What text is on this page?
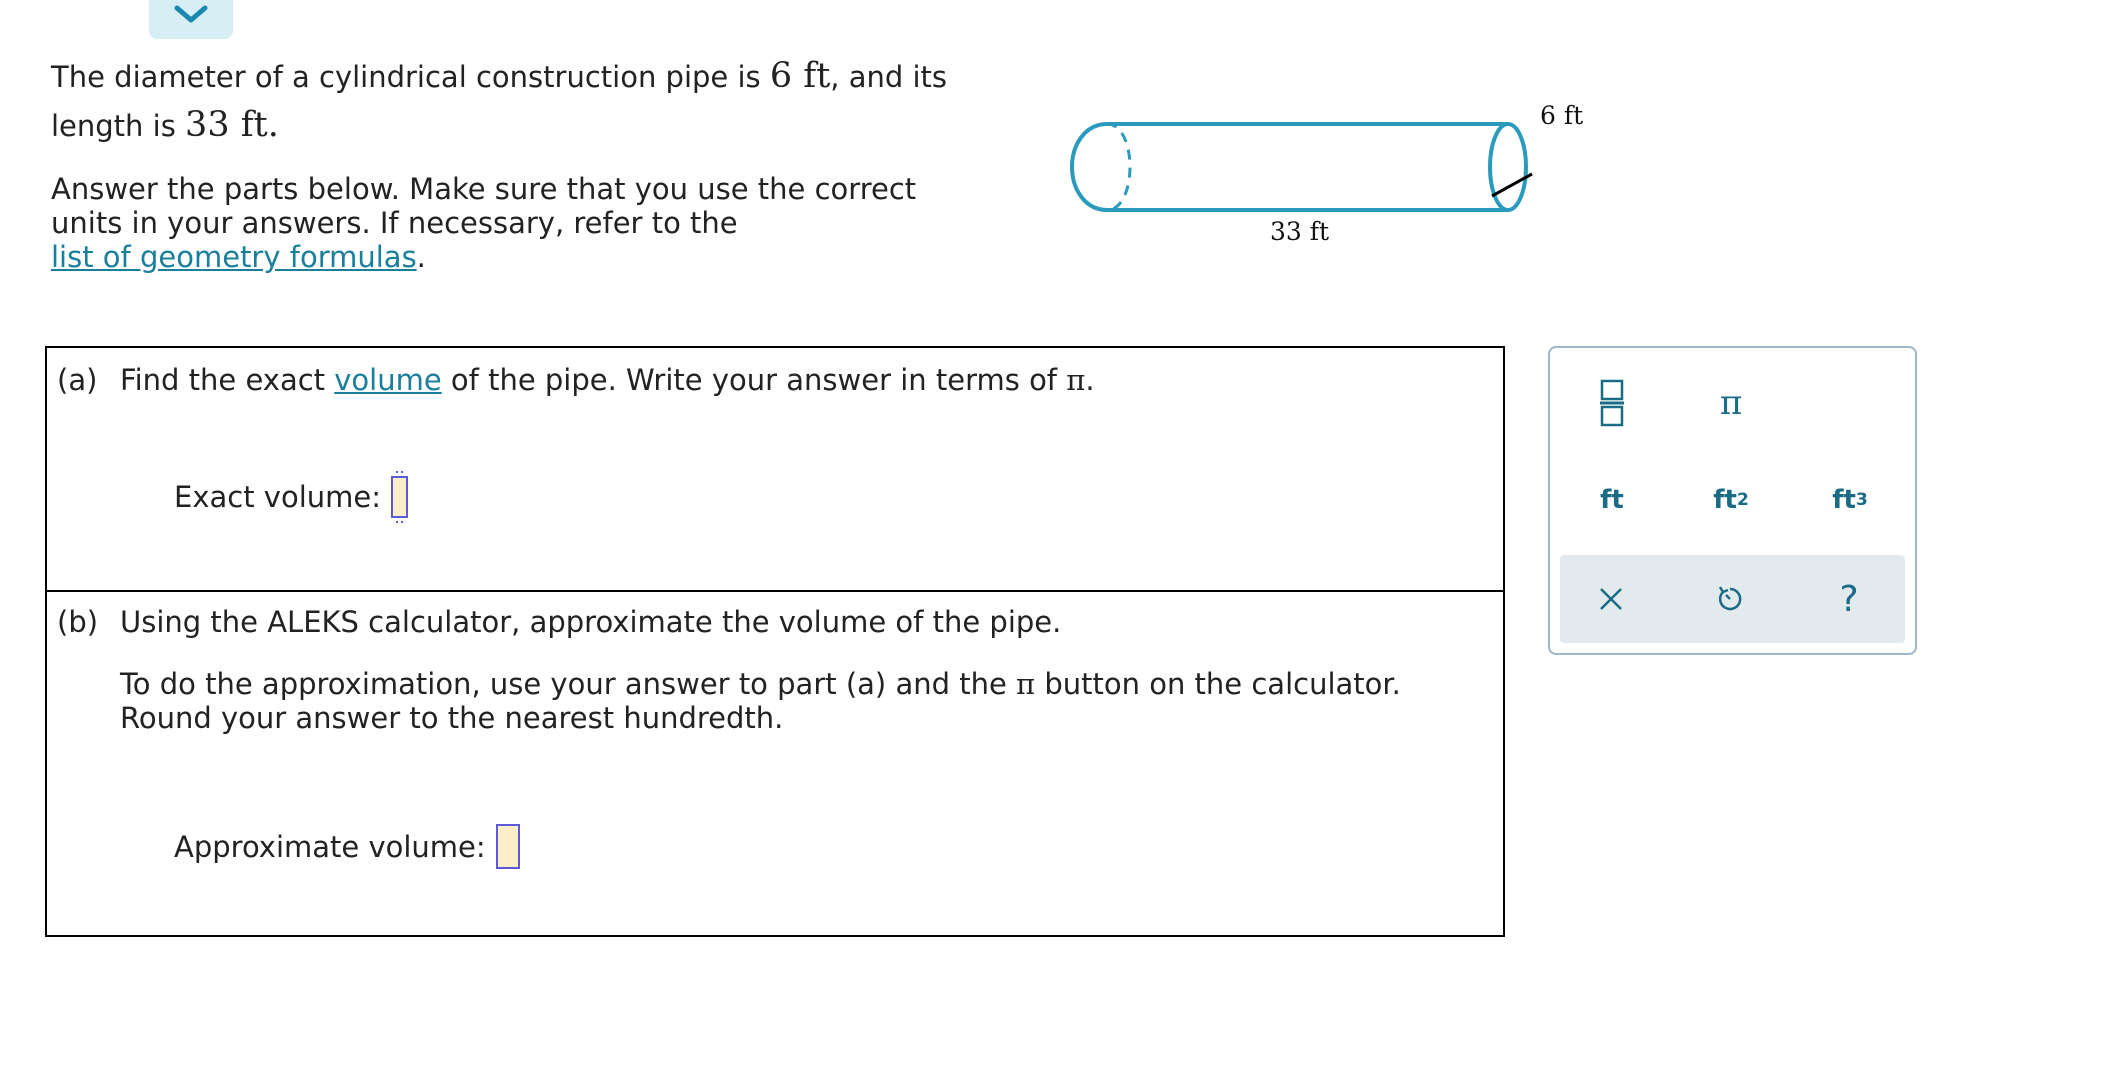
The diameter of a cylindrical construction pipe is 6 ft, and its
length is 33 ft.
Answer the parts below. Make sure that you use the correct units in your answers. If necessary, refer to the
list of geometry formulas.
6 ft
33 ft
(a) Find the exact volume of the pipe. Write your answer in terms of π.
Exact volume:
(b) Using the ALEKS calculator, approximate the volume of the pipe.
To do the approximation, use your answer to part (a) and the π button on the calculator. Round your answer to the nearest hundredth.
Approximate volume:
π
ft	ft 2	ft 3
?
